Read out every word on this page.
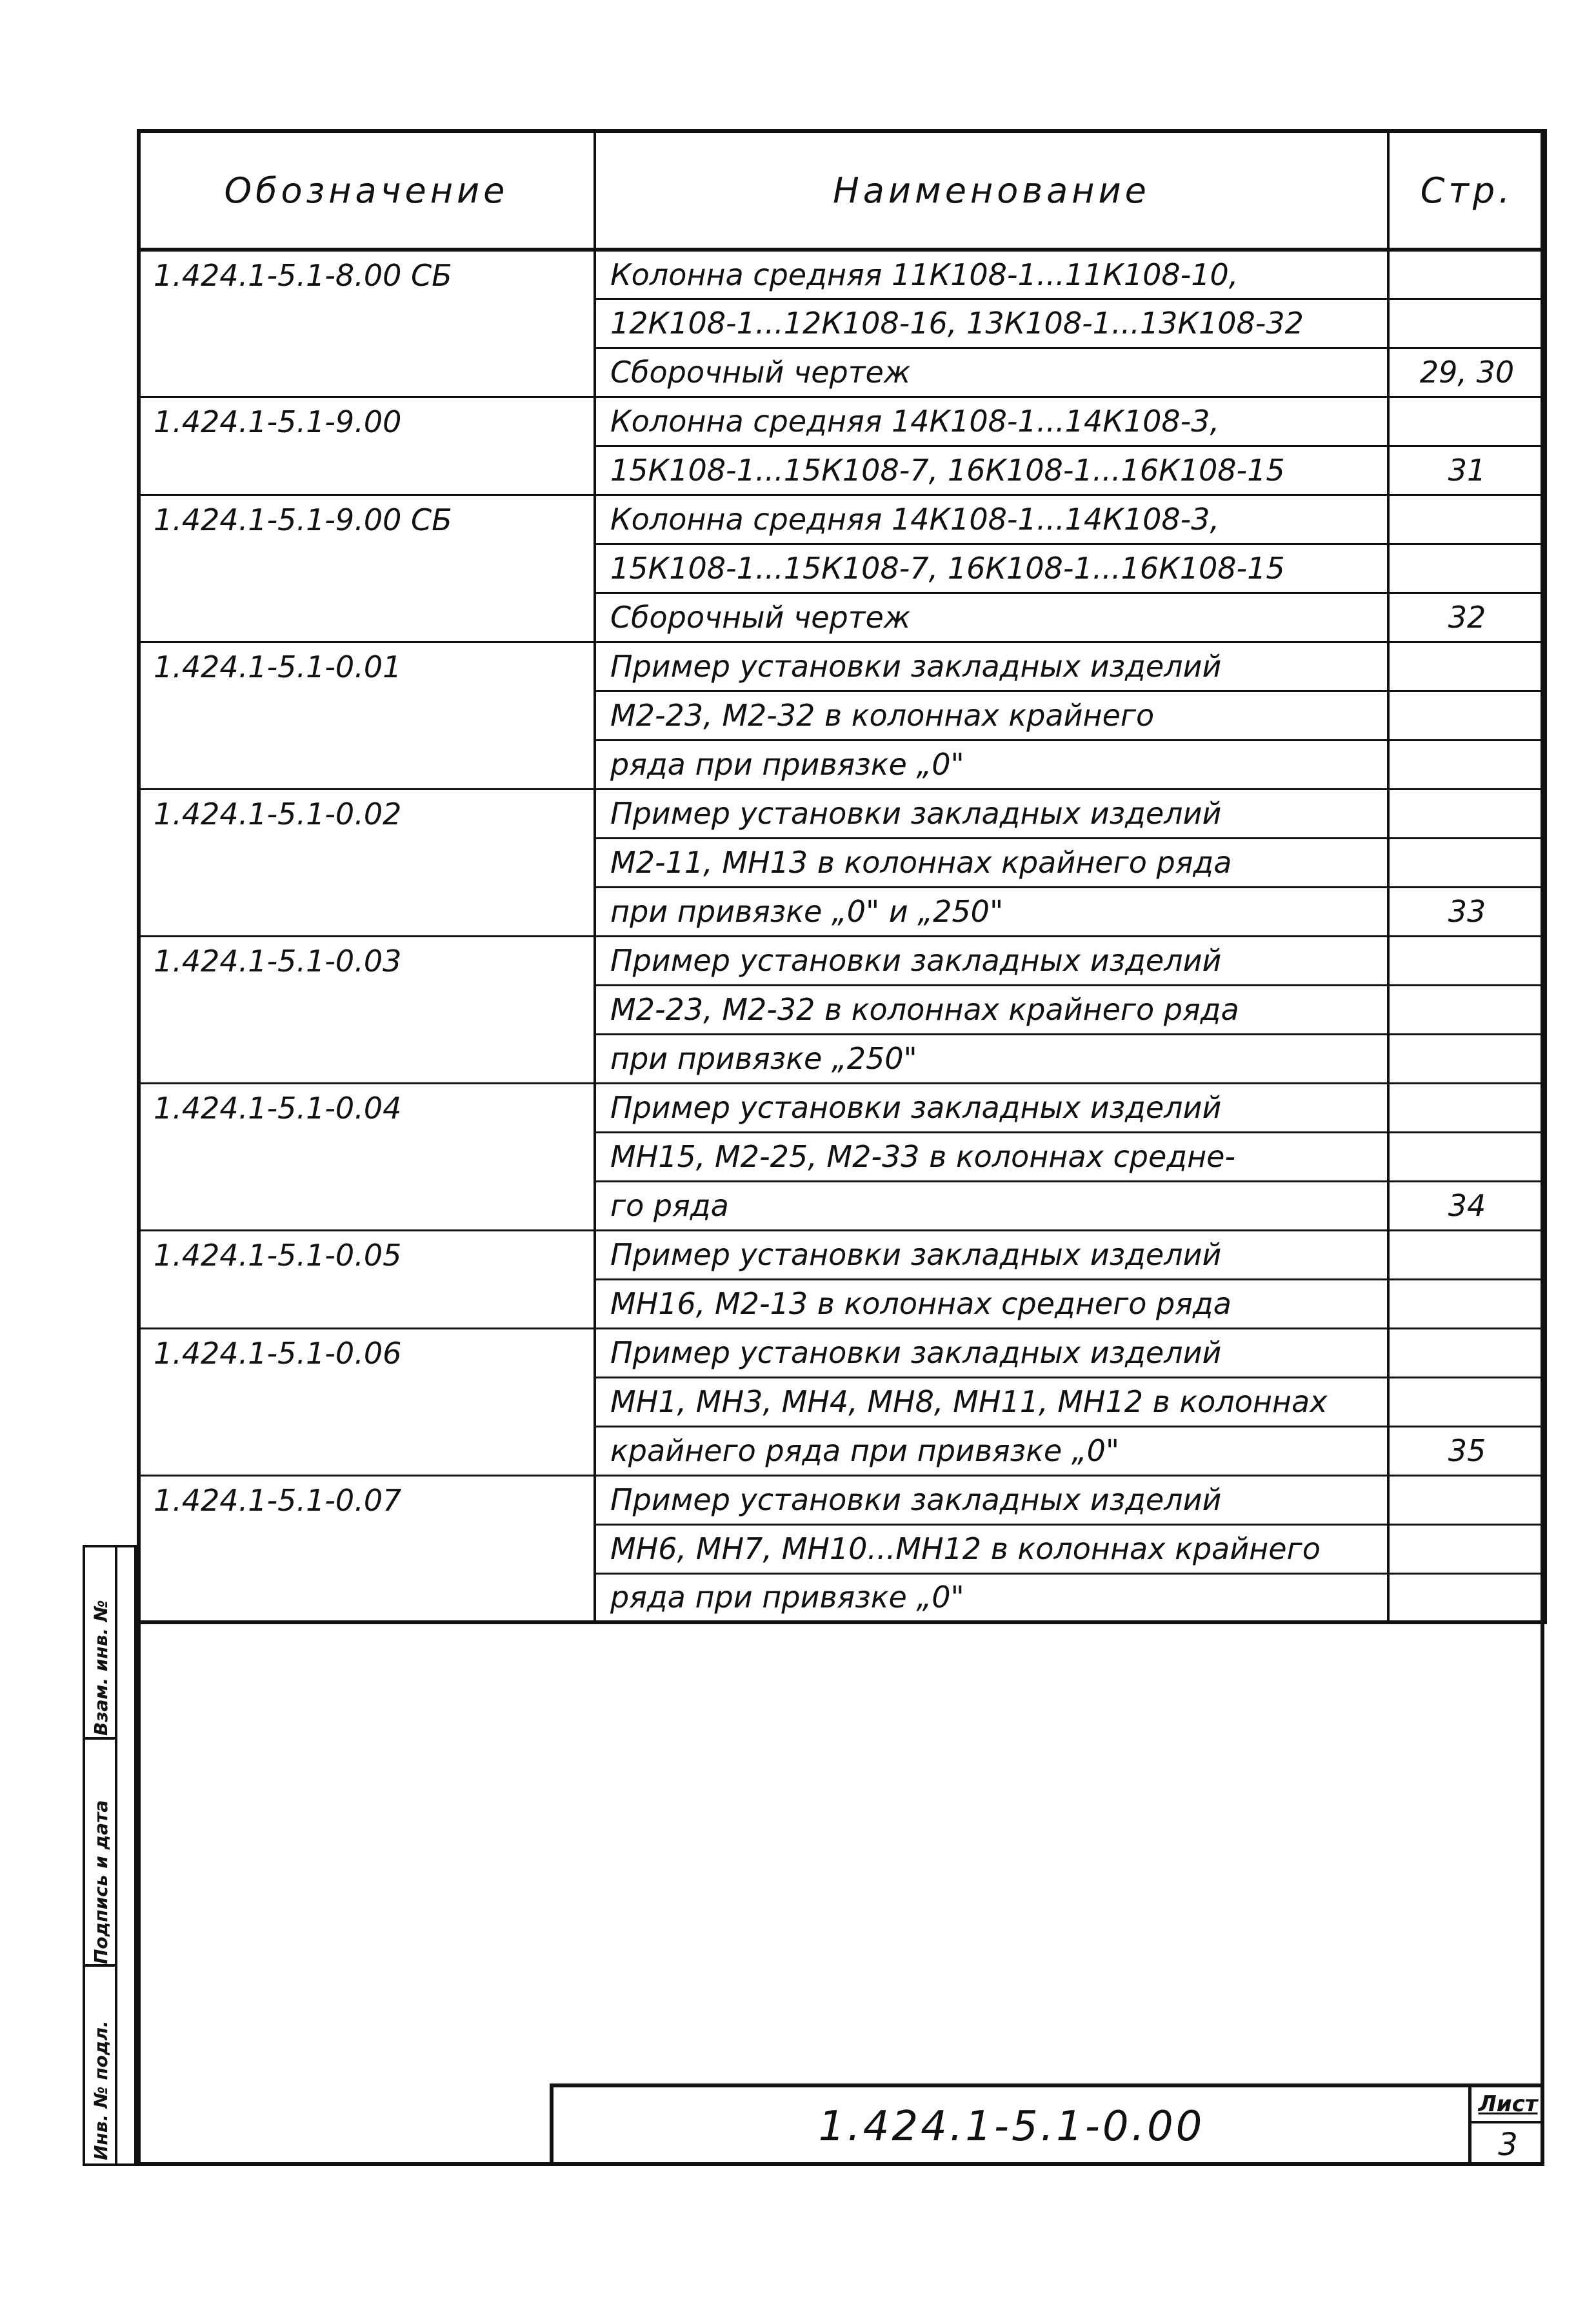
Обозначение	Наименование	Стр.
1.424.1-5.1-8.00 СБ	Колонна средняя 11К108-1...11К108-10,	
	12К108-1...12К108-16, 13К108-1...13К108-32	
	Сборочный чертеж	29, 30
1.424.1-5.1-9.00	Колонна средняя 14К108-1...14К108-3,	
	15К108-1...15К108-7, 16К108-1...16К108-15	31
1.424.1-5.1-9.00 СБ	Колонна средняя 14К108-1...14К108-3,	
	15К108-1...15К108-7, 16К108-1...16К108-15	
	Сборочный чертеж	32
1.424.1-5.1-0.01	Пример установки закладных изделий	
	М2-23, М2-32 в колоннах крайнего	
	ряда при привязке „0"	
1.424.1-5.1-0.02	Пример установки закладных изделий	
	М2-11, МН13 в колоннах крайнего ряда	
	при привязке „0" и „250"	33
1.424.1-5.1-0.03	Пример установки закладных изделий	
	М2-23, М2-32 в колоннах крайнего ряда	
	при привязке „250"	
1.424.1-5.1-0.04	Пример установки закладных изделий	
	МН15, М2-25, М2-33 в колоннах средне-	
	го ряда	34
1.424.1-5.1-0.05	Пример установки закладных изделий	
	МН16, М2-13 в колоннах среднего ряда	
1.424.1-5.1-0.06	Пример установки закладных изделий	
	МН1, МН3, МН4, МН8, МН11, МН12 в колоннах	
	крайнего ряда при привязке „0"	35
1.424.1-5.1-0.07	Пример установки закладных изделий	
	МН6, МН7, МН10...МН12 в колоннах крайнего	
	ряда при привязке „0"	
Взам. инв. №
Подпись и дата
Инв. № подл.	1.424.1-5.1-0.00	Лист
3
